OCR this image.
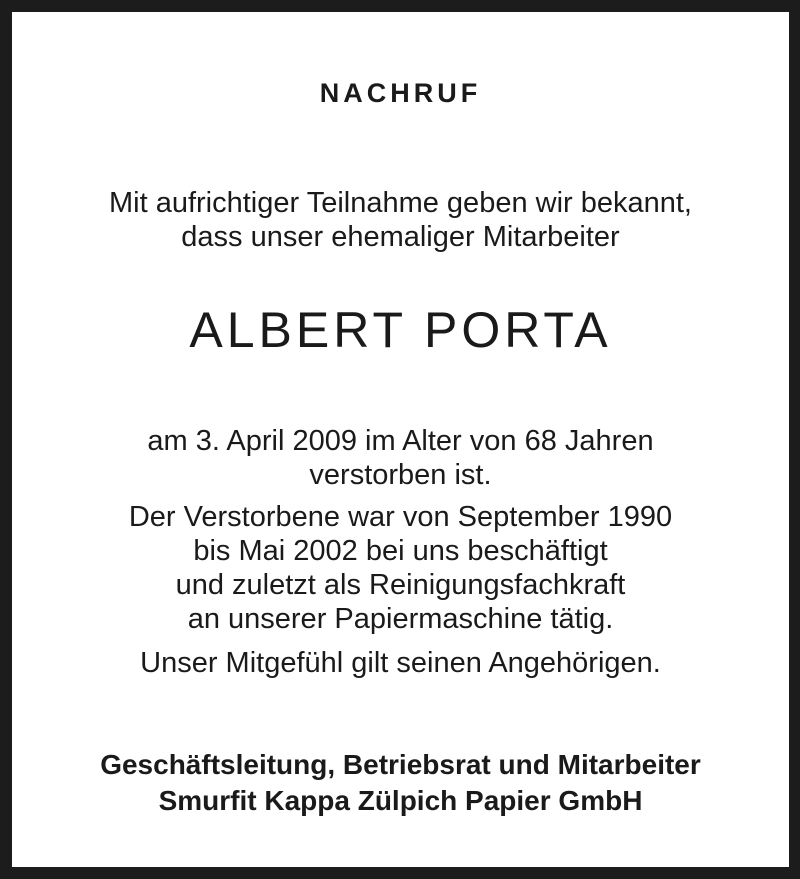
NACHRUF
Mit aufrichtiger Teilnahme geben wir bekannt,
dass unser ehemaliger Mitarbeiter
ALBERT PORTA
am 3. April 2009 im Alter von 68 Jahren
verstorben ist.
Der Verstorbene war von September 1990
bis Mai 2002 bei uns beschäftigt
und zuletzt als Reinigungsfachkraft
an unserer Papiermaschine tätig.
Unser Mitgefühl gilt seinen Angehörigen.
Geschäftsleitung, Betriebsrat und Mitarbeiter
Smurfit Kappa Zülpich Papier GmbH
